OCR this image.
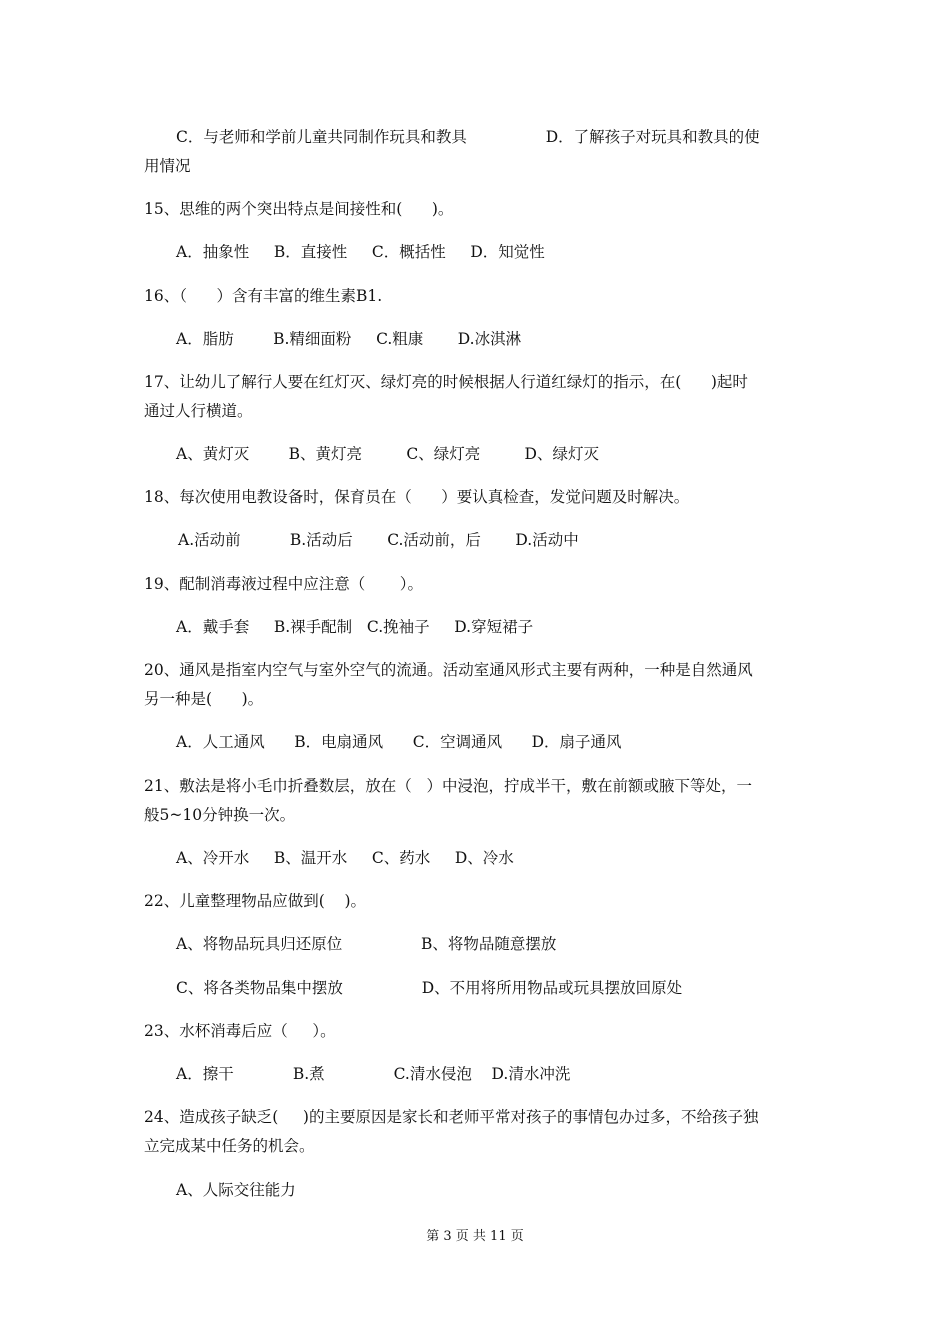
C．与老师和学前儿童共同制作玩具和教具                D．了解孩子对玩具和教具的使
用情况
15、思维的两个突出特点是间接性和(      )。
A．抽象性     B．直接性     C．概括性     D．知觉性
16、（      ）含有丰富的维生素B1.
A．脂肪        B.精细面粉     C.粗康       D.冰淇淋
17、让幼儿了解行人要在红灯灭、绿灯亮的时候根据人行道红绿灯的指示，在(      )起时
通过人行横道。
A、黄灯灭        B、黄灯亮         C、绿灯亮         D、绿灯灭
18、每次使用电教设备时，保育员在（      ）要认真检查，发觉问题及时解决。
A.活动前          B.活动后       C.活动前，后       D.活动中
19、配制消毒液过程中应注意（       ）。
A．戴手套     B.裸手配制   C.挽袖子     D.穿短裙子
20、通风是指室内空气与室外空气的流通。活动室通风形式主要有两种，一种是自然通风
另一种是(      )。
A．人工通风      B．电扇通风      C．空调通风      D．扇子通风
21、敷法是将小毛巾折叠数层，放在（   ）中浸泡，拧成半干，敷在前额或腋下等处，一
般5~10分钟换一次。
A、冷开水     B、温开水     C、药水     D、冷水
22、儿童整理物品应做到(    )。
A、将物品玩具归还原位                B、将物品随意摆放
C、将各类物品集中摆放                D、不用将所用物品或玩具摆放回原处
23、水杯消毒后应（     ）。
A．擦干            B.煮              C.清水侵泡    D.清水冲洗
24、造成孩子缺乏(     )的主要原因是家长和老师平常对孩子的事情包办过多，不给孩子独
立完成某中任务的机会。
A、人际交往能力
第 3 页 共 11 页
